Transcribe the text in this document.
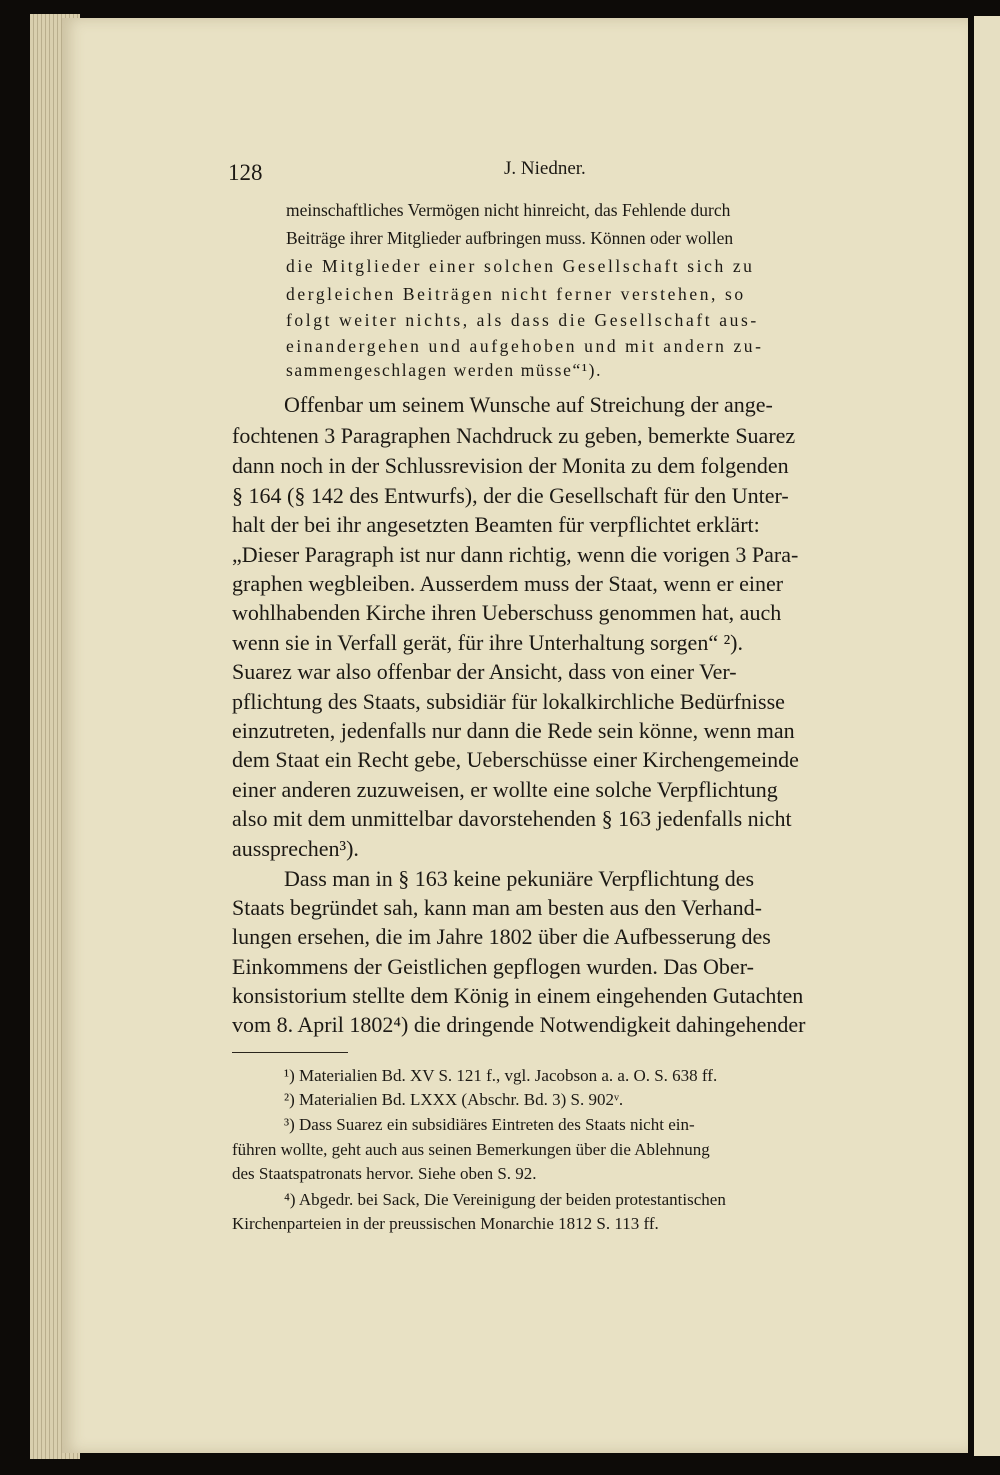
128	J. Niedner.
meinschaftliches Vermögen nicht hinreicht, das Fehlende durch
Beiträge ihrer Mitglieder aufbringen muss. Können oder wollen
die Mitglieder einer solchen Gesellschaft sich zu
dergleichen Beiträgen nicht ferner verstehen, so
folgt weiter nichts, als dass die Gesellschaft aus-
einandergehen und aufgehoben und mit andern zu-
sammengeschlagen werden müsse“¹).
Offenbar um seinem Wunsche auf Streichung der ange-
fochtenen 3 Paragraphen Nachdruck zu geben, bemerkte Suarez
dann noch in der Schlussrevision der Monita zu dem folgenden
§ 164 (§ 142 des Entwurfs), der die Gesellschaft für den Unter-
halt der bei ihr angesetzten Beamten für verpflichtet erklärt:
„Dieser Paragraph ist nur dann richtig, wenn die vorigen 3 Para-
graphen wegbleiben. Ausserdem muss der Staat, wenn er einer
wohlhabenden Kirche ihren Ueberschuss genommen hat, auch
wenn sie in Verfall gerät, für ihre Unterhaltung sorgen“ ²).
Suarez war also offenbar der Ansicht, dass von einer Ver-
pflichtung des Staats, subsidiär für lokalkirchliche Bedürfnisse
einzutreten, jedenfalls nur dann die Rede sein könne, wenn man
dem Staat ein Recht gebe, Ueberschüsse einer Kirchengemeinde
einer anderen zuzuweisen, er wollte eine solche Verpflichtung
also mit dem unmittelbar davorstehenden § 163 jedenfalls nicht
aussprechen³).
Dass man in § 163 keine pekuniäre Verpflichtung des
Staats begründet sah, kann man am besten aus den Verhand-
lungen ersehen, die im Jahre 1802 über die Aufbesserung des
Einkommens der Geistlichen gepflogen wurden. Das Ober-
konsistorium stellte dem König in einem eingehenden Gutachten
vom 8. April 1802⁴) die dringende Notwendigkeit dahingehender
¹) Materialien Bd. XV S. 121 f., vgl. Jacobson a. a. O. S. 638 ff.
²) Materialien Bd. LXXX (Abschr. Bd. 3) S. 902ᵛ.
³) Dass Suarez ein subsidiäres Eintreten des Staats nicht ein-
führen wollte, geht auch aus seinen Bemerkungen über die Ablehnung
des Staatspatronats hervor. Siehe oben S. 92.
⁴) Abgedr. bei Sack, Die Vereinigung der beiden protestantischen
Kirchenparteien in der preussischen Monarchie 1812 S. 113 ff.
